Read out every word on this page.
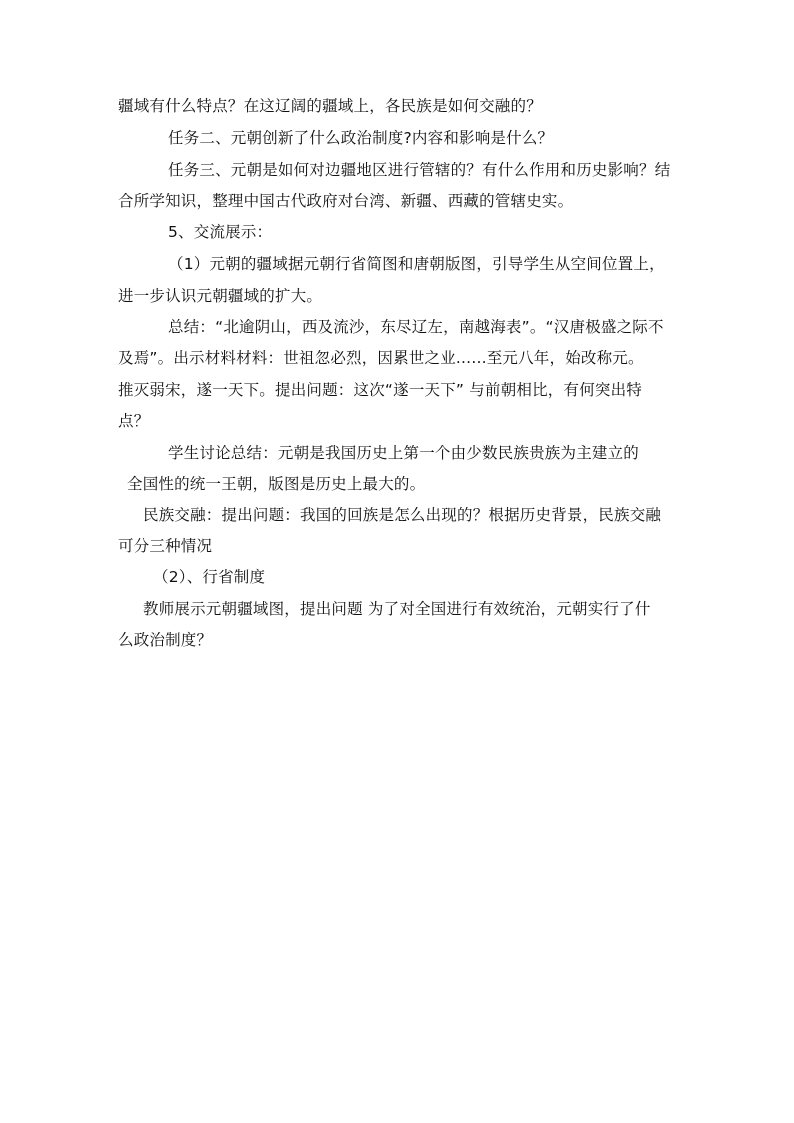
疆域有什么特点？在这辽阔的疆域上，各民族是如何交融的？
任务二、元朝创新了什么政治制度?内容和影响是什么？
任务三、元朝是如何对边疆地区进行管辖的？有什么作用和历史影响？结
合所学知识，整理中国古代政府对台湾、新疆、西藏的管辖史实。
5、交流展示：
（1）元朝的疆域据元朝行省简图和唐朝版图，引导学生从空间位置上，
进一步认识元朝疆域的扩大。
总结：“北逾阴山，西及流沙，东尽辽左，南越海表”。“汉唐极盛之际不
及焉”。出示材料材料：世祖忽必烈，因累世之业......至元八年，始改称元。
推灭弱宋，遂一天下。提出问题：这次“遂一天下” 与前朝相比，有何突出特
点？
学生讨论总结：元朝是我国历史上第一个由少数民族贵族为主建立的
全国性的统一王朝，版图是历史上最大的。
民族交融：提出问题：我国的回族是怎么出现的？根据历史背景，民族交融
可分三种情况
（2）、行省制度
教师展示元朝疆域图，提出问题 为了对全国进行有效统治，元朝实行了什
么政治制度？
